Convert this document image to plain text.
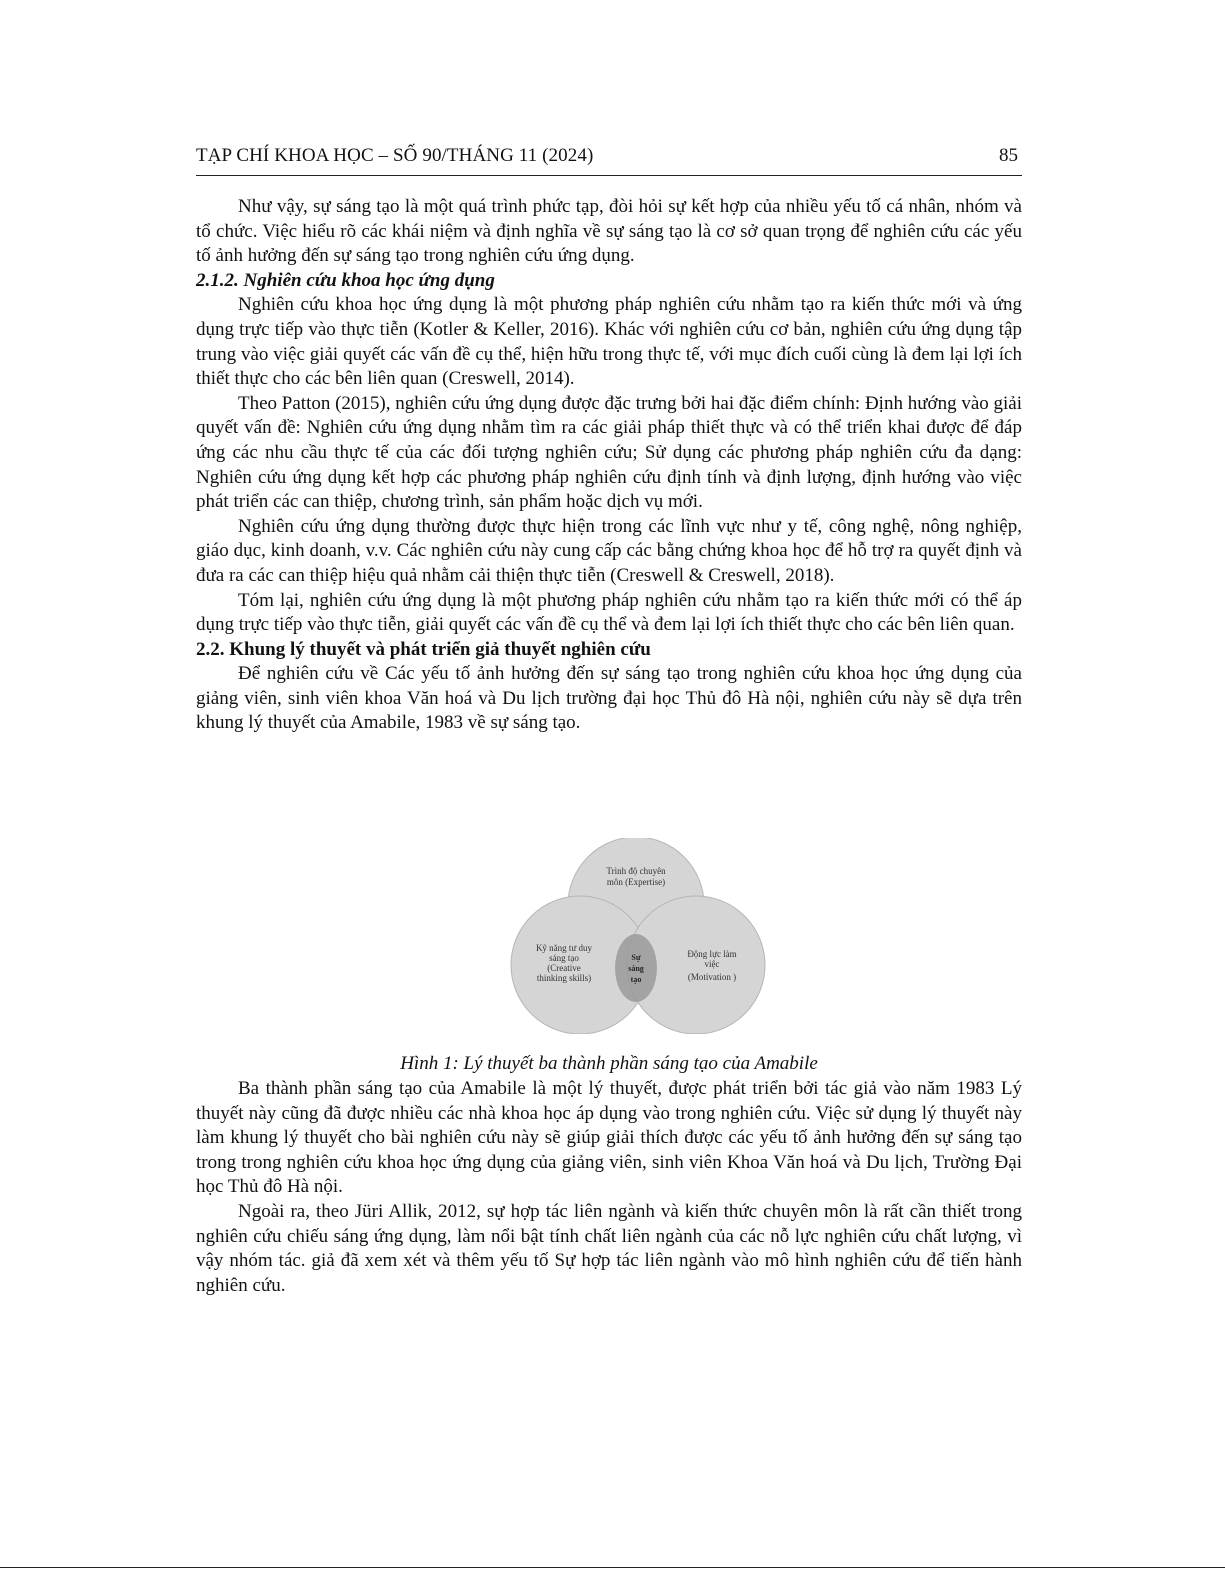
TẠP CHÍ KHOA HỌC – SỐ 90/THÁNG 11 (2024)	85

Như vậy, sự sáng tạo là một quá trình phức tạp, đòi hỏi sự kết hợp của nhiều yếu tố cá nhân, nhóm và tổ chức. Việc hiểu rõ các khái niệm và định nghĩa về sự sáng tạo là cơ sở quan trọng để nghiên cứu các yếu tố ảnh hưởng đến sự sáng tạo trong nghiên cứu ứng dụng.

2.1.2. Nghiên cứu khoa học ứng dụng

Nghiên cứu khoa học ứng dụng là một phương pháp nghiên cứu nhằm tạo ra kiến thức mới và ứng dụng trực tiếp vào thực tiễn (Kotler & Keller, 2016). Khác với nghiên cứu cơ bản, nghiên cứu ứng dụng tập trung vào việc giải quyết các vấn đề cụ thể, hiện hữu trong thực tế, với mục đích cuối cùng là đem lại lợi ích thiết thực cho các bên liên quan (Creswell, 2014).

Theo Patton (2015), nghiên cứu ứng dụng được đặc trưng bởi hai đặc điểm chính: Định hướng vào giải quyết vấn đề: Nghiên cứu ứng dụng nhằm tìm ra các giải pháp thiết thực và có thể triển khai được để đáp ứng các nhu cầu thực tế của các đối tượng nghiên cứu; Sử dụng các phương pháp nghiên cứu đa dạng: Nghiên cứu ứng dụng kết hợp các phương pháp nghiên cứu định tính và định lượng, định hướng vào việc phát triển các can thiệp, chương trình, sản phẩm hoặc dịch vụ mới.

Nghiên cứu ứng dụng thường được thực hiện trong các lĩnh vực như y tế, công nghệ, nông nghiệp, giáo dục, kinh doanh, v.v. Các nghiên cứu này cung cấp các bằng chứng khoa học để hỗ trợ ra quyết định và đưa ra các can thiệp hiệu quả nhằm cải thiện thực tiễn (Creswell & Creswell, 2018).

Tóm lại, nghiên cứu ứng dụng là một phương pháp nghiên cứu nhằm tạo ra kiến thức mới có thể áp dụng trực tiếp vào thực tiễn, giải quyết các vấn đề cụ thể và đem lại lợi ích thiết thực cho các bên liên quan.

2.2. Khung lý thuyết và phát triển giả thuyết nghiên cứu

Để nghiên cứu về Các yếu tố ảnh hưởng đến sự sáng tạo trong nghiên cứu khoa học ứng dụng của giảng viên, sinh viên khoa Văn hoá và Du lịch trường đại học Thủ đô Hà nội, nghiên cứu này sẽ dựa trên khung lý thuyết của Amabile, 1983 về sự sáng tạo.

Trình độ chuyên
môn (Expertise)
Kỹ năng tư duy
sáng tạo
(Creative
thinking skills)
Động lực làm
việc
(Motivation )
Sự
sáng
tạo
Hình 1: Lý thuyết ba thành phần sáng tạo của Amabile

Ba thành phần sáng tạo của Amabile là một lý thuyết, được phát triển bởi tác giả vào năm 1983 Lý thuyết này cũng đã được nhiều các nhà khoa học áp dụng vào trong nghiên cứu. Việc sử dụng lý thuyết này làm khung lý thuyết cho bài nghiên cứu này sẽ giúp giải thích được các yếu tố ảnh hưởng đến sự sáng tạo trong trong nghiên cứu khoa học ứng dụng của giảng viên, sinh viên Khoa Văn hoá và Du lịch, Trường Đại học Thủ đô Hà nội.

Ngoài ra, theo Jüri Allik, 2012, sự hợp tác liên ngành và kiến thức chuyên môn là rất cần thiết trong nghiên cứu chiếu sáng ứng dụng, làm nổi bật tính chất liên ngành của các nỗ lực nghiên cứu chất lượng, vì vậy nhóm tác. giả đã xem xét và thêm yếu tố Sự hợp tác liên ngành vào mô hình nghiên cứu để tiến hành nghiên cứu.
